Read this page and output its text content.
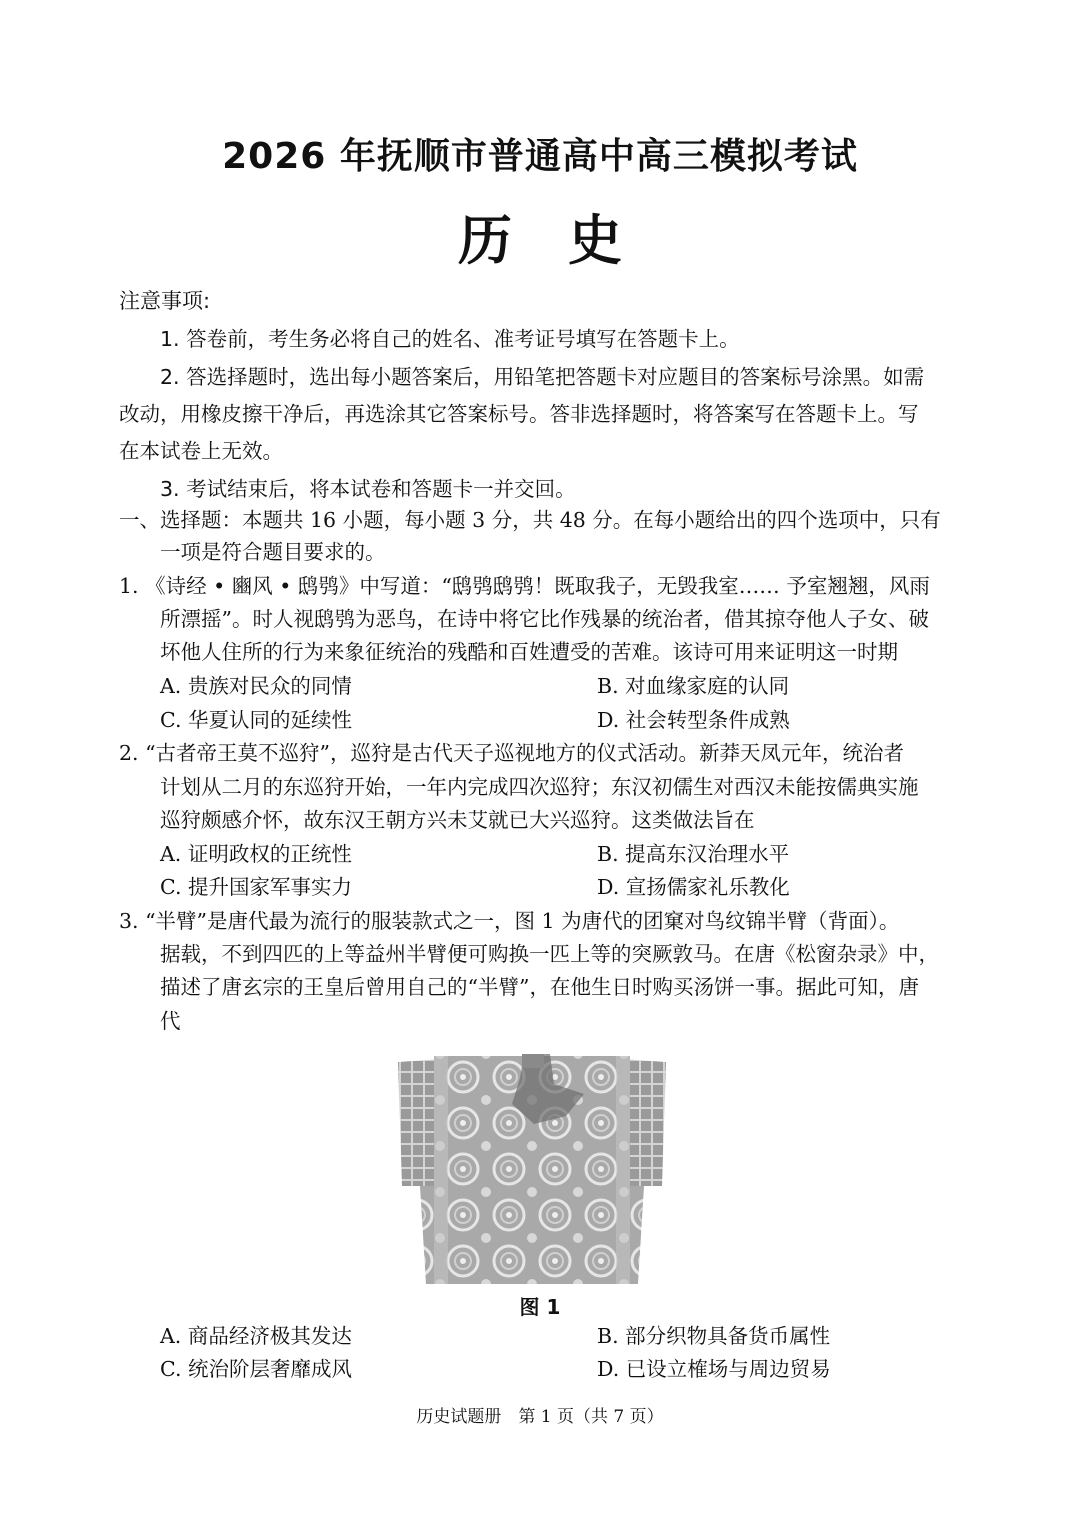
2026 年抚顺市普通高中高三模拟考试
历史
注意事项:
1. 答卷前，考生务必将自己的姓名、准考证号填写在答题卡上。
2. 答选择题时，选出每小题答案后，用铅笔把答题卡对应题目的答案标号涂黑。如需
改动，用橡皮擦干净后，再选涂其它答案标号。答非选择题时，将答案写在答题卡上。写
在本试卷上无效。
3. 考试结束后，将本试卷和答题卡一并交回。
一、选择题：本题共 16 小题，每小题 3 分，共 48 分。在每小题给出的四个选项中，只有
一项是符合题目要求的。
1. 《诗经 • 豳风 • 鸱鸮》中写道：“鸱鸮鸱鸮！既取我子，无毁我室…… 予室翘翘，风雨
所漂摇”。时人视鸱鸮为恶鸟，在诗中将它比作残暴的统治者，借其掠夺他人子女、破
坏他人住所的行为来象征统治的残酷和百姓遭受的苦难。该诗可用来证明这一时期
A. 贵族对民众的同情	B. 对血缘家庭的认同
C. 华夏认同的延续性	D. 社会转型条件成熟
2. “古者帝王莫不巡狩”，巡狩是古代天子巡视地方的仪式活动。新莽天凤元年，统治者
计划从二月的东巡狩开始，一年内完成四次巡狩；东汉初儒生对西汉未能按儒典实施
巡狩颇感介怀，故东汉王朝方兴未艾就已大兴巡狩。这类做法旨在
A. 证明政权的正统性	B. 提高东汉治理水平
C. 提升国家军事实力	D. 宣扬儒家礼乐教化
3. “半臂”是唐代最为流行的服装款式之一，图 1 为唐代的团窠对鸟纹锦半臂（背面）。
据载，不到四匹的上等益州半臂便可购换一匹上等的突厥敦马。在唐《松窗杂录》中，
描述了唐玄宗的王皇后曾用自己的“半臂”，在他生日时购买汤饼一事。据此可知，唐
代
图 1
A. 商品经济极其发达	B. 部分织物具备货币属性
C. 统治阶层奢靡成风	D. 已设立榷场与周边贸易
历史试题册　第 1 页（共 7 页）
